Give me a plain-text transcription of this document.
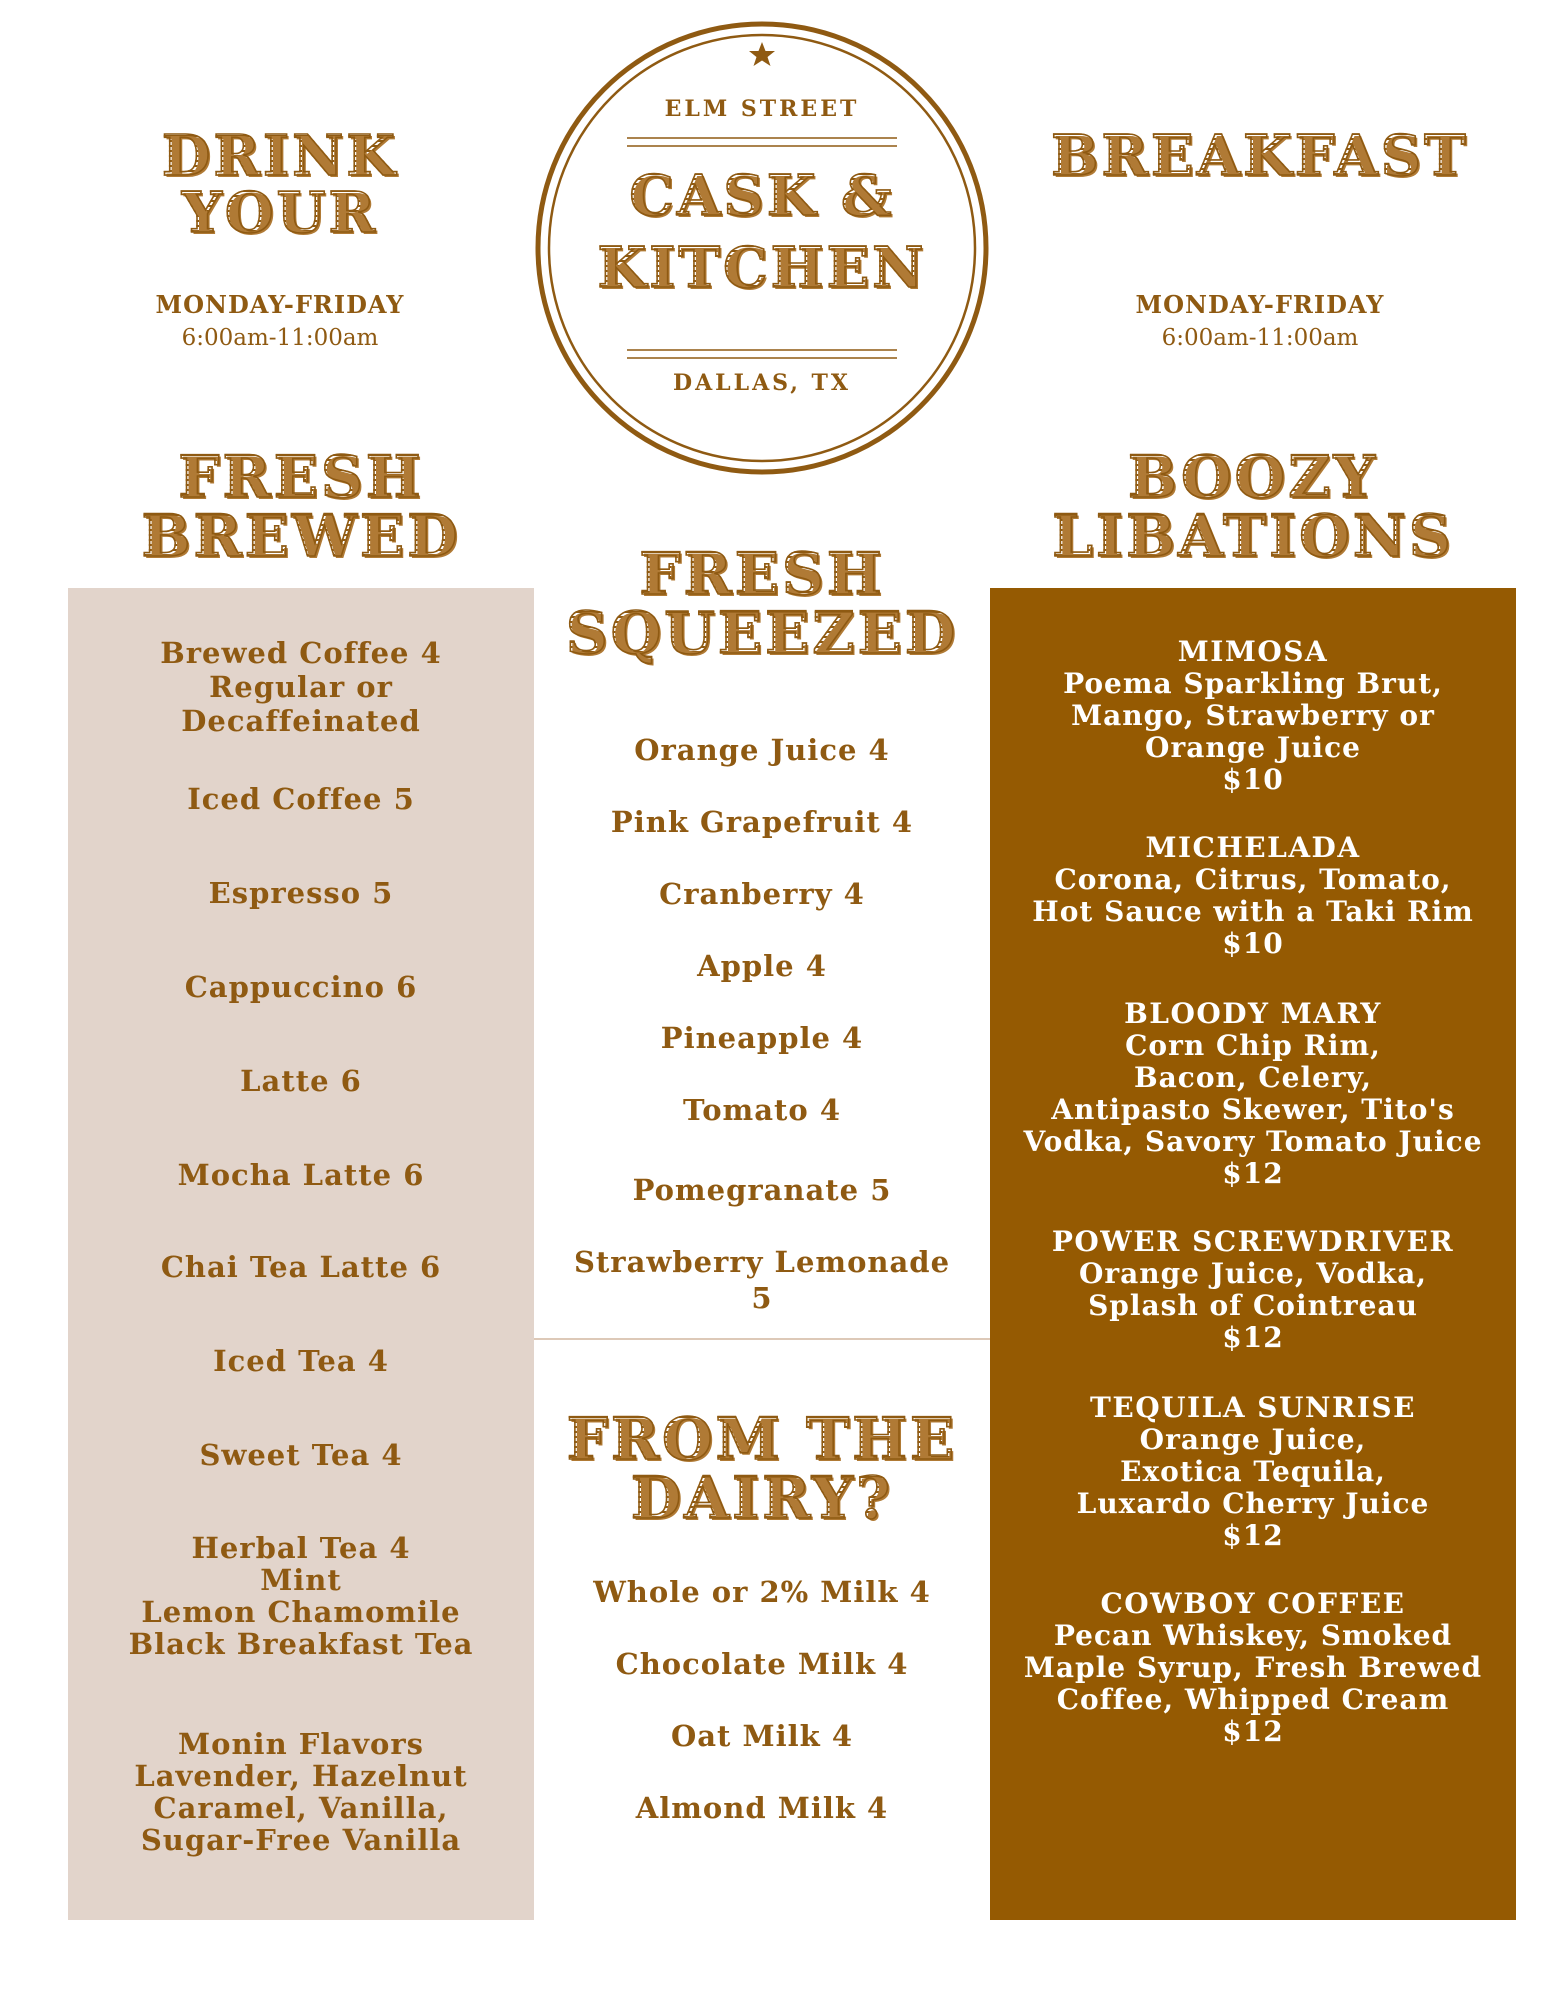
DRINK YOUR
BREAKFAST
MONDAY-FRIDAY
6:00am-11:00am
MONDAY-FRIDAY
6:00am-11:00am
ELM STREET
CASK &
KITCHEN
DALLAS, TX
FRESH
BREWED
BOOZY
LIBATIONS
FRESH
SQUEEZED
Brewed Coffee 4
Regular or
Decaffeinated
Iced Coffee 5
Espresso 5
Cappuccino 6
Latte 6
Mocha Latte 6
Chai Tea Latte 6
Iced Tea 4
Sweet Tea 4
Herbal Tea 4
Mint
Lemon Chamomile
Black Breakfast Tea
Monin Flavors
Lavender, Hazelnut
Caramel, Vanilla,
Sugar-Free Vanilla
Orange Juice 4
Pink Grapefruit 4
Cranberry 4
Apple 4
Pineapple 4
Tomato 4
Pomegranate 5
Strawberry Lemonade
5
FROM THE
DAIRY?
Whole or 2% Milk 4
Chocolate Milk 4
Oat Milk 4
Almond Milk 4
MIMOSA
Poema Sparkling Brut,
Mango, Strawberry or
Orange Juice
$10
MICHELADA
Corona, Citrus, Tomato,
Hot Sauce with a Taki Rim
$10
BLOODY MARY
Corn Chip Rim,
Bacon, Celery,
Antipasto Skewer, Tito's
Vodka, Savory Tomato Juice
$12
POWER SCREWDRIVER
Orange Juice, Vodka,
Splash of Cointreau
$12
TEQUILA SUNRISE
Orange Juice,
Exotica Tequila,
Luxardo Cherry Juice
$12
COWBOY COFFEE
Pecan Whiskey, Smoked
Maple Syrup, Fresh Brewed
Coffee, Whipped Cream
$12
